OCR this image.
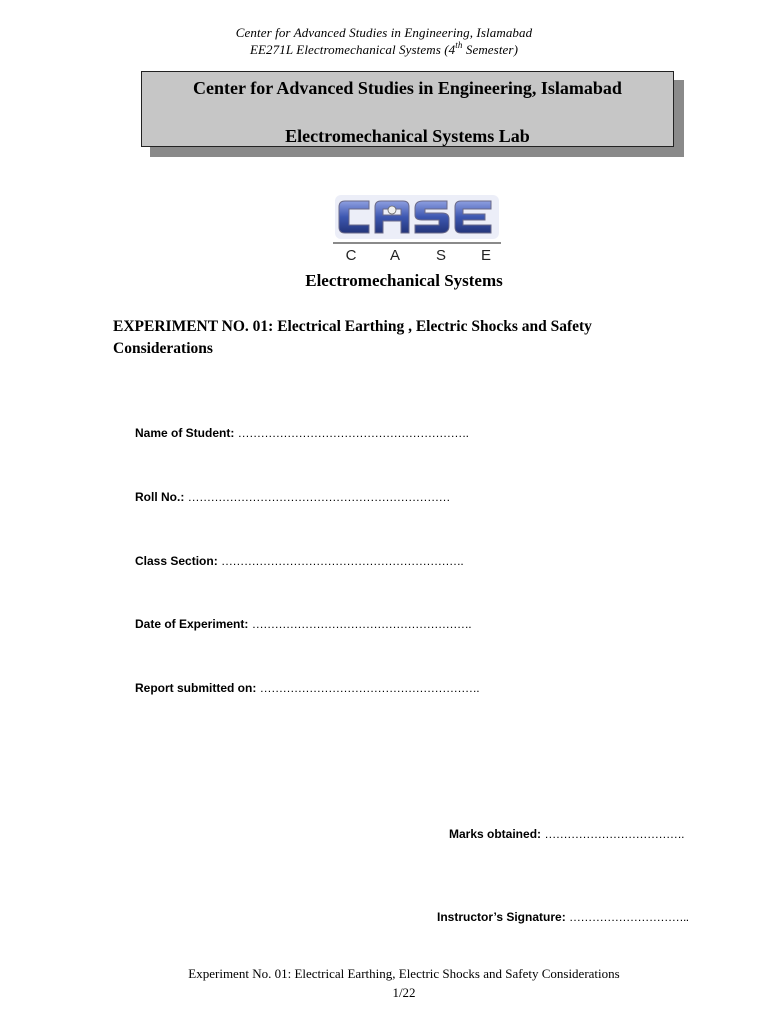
Center for Advanced Studies in Engineering, Islamabad
EE271L Electromechanical Systems (4th Semester)
Center for Advanced Studies in Engineering, Islamabad
Electromechanical Systems Lab
C A S E
Electromechanical Systems
EXPERIMENT NO. 01: Electrical Earthing , Electric Shocks and Safety Considerations
Name of Student: …………………………………………………….
Roll No.: ……………………………………………………………
Class Section: ……………………………………………………….
Date of Experiment: ………………………………………………….
Report submitted on: ………………………………………………….
Marks obtained: ……………………………….
Instructor’s Signature: …………………………..
Experiment No. 01: Electrical Earthing, Electric Shocks and Safety Considerations
1/22
